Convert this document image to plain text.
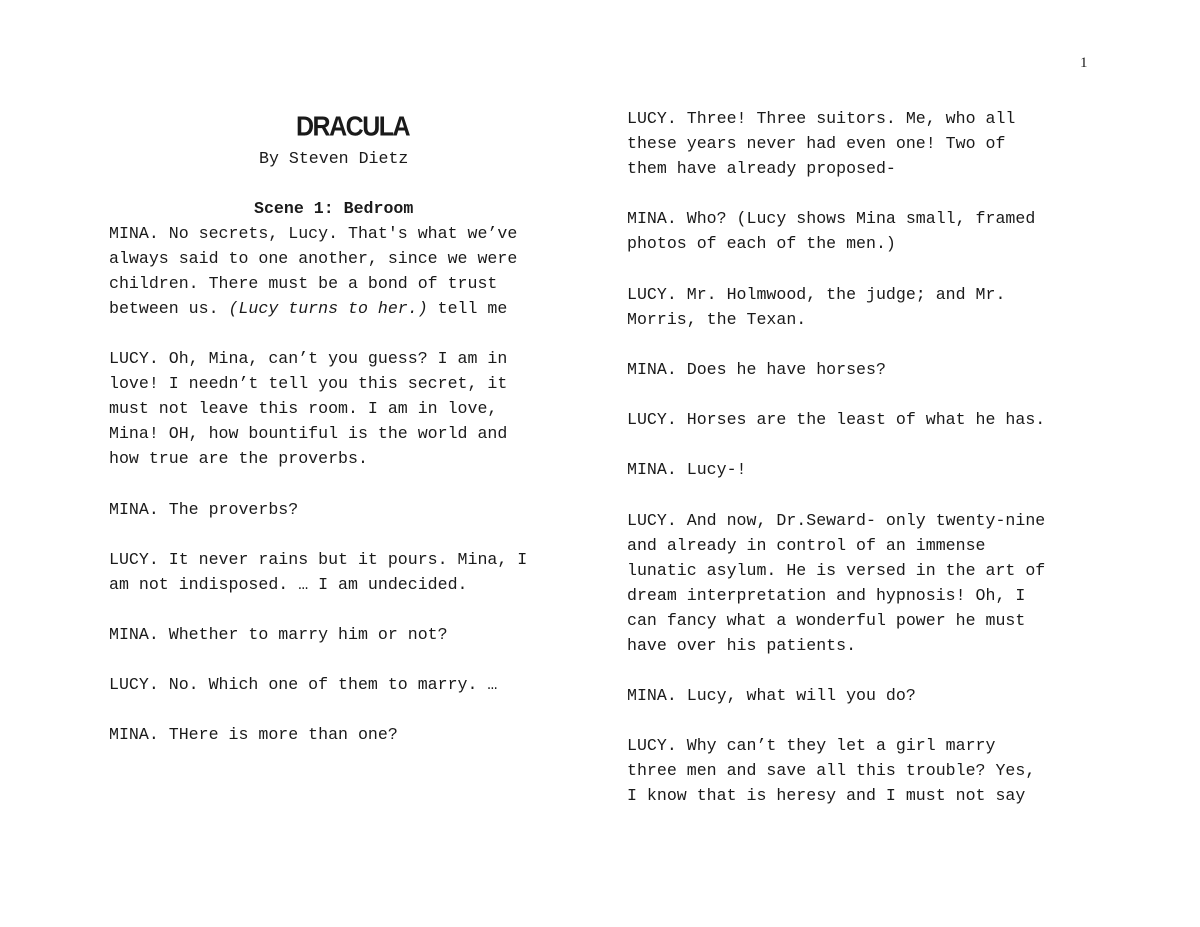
1
DRACULA
By Steven Dietz
Scene 1: Bedroom
MINA. No secrets, Lucy. That's what we’ve
always said to one another, since we were
children. There must be a bond of trust
between us. (Lucy turns to her.) tell me
LUCY. Oh, Mina, can’t you guess? I am in
love! I needn’t tell you this secret, it
must not leave this room. I am in love,
Mina! OH, how bountiful is the world and
how true are the proverbs.
MINA. The proverbs?
LUCY. It never rains but it pours. Mina, I
am not indisposed. … I am undecided.
MINA. Whether to marry him or not?
LUCY. No. Which one of them to marry. …
MINA. THere is more than one?
LUCY. Three! Three suitors. Me, who all
these years never had even one! Two of
them have already proposed-
MINA. Who? (Lucy shows Mina small, framed
photos of each of the men.)
LUCY. Mr. Holmwood, the judge; and Mr.
Morris, the Texan.
MINA. Does he have horses?
LUCY. Horses are the least of what he has.
MINA. Lucy-!
LUCY. And now, Dr.Seward- only twenty-nine
and already in control of an immense
lunatic asylum. He is versed in the art of
dream interpretation and hypnosis! Oh, I
can fancy what a wonderful power he must
have over his patients.
MINA. Lucy, what will you do?
LUCY. Why can’t they let a girl marry
three men and save all this trouble? Yes,
I know that is heresy and I must not say
